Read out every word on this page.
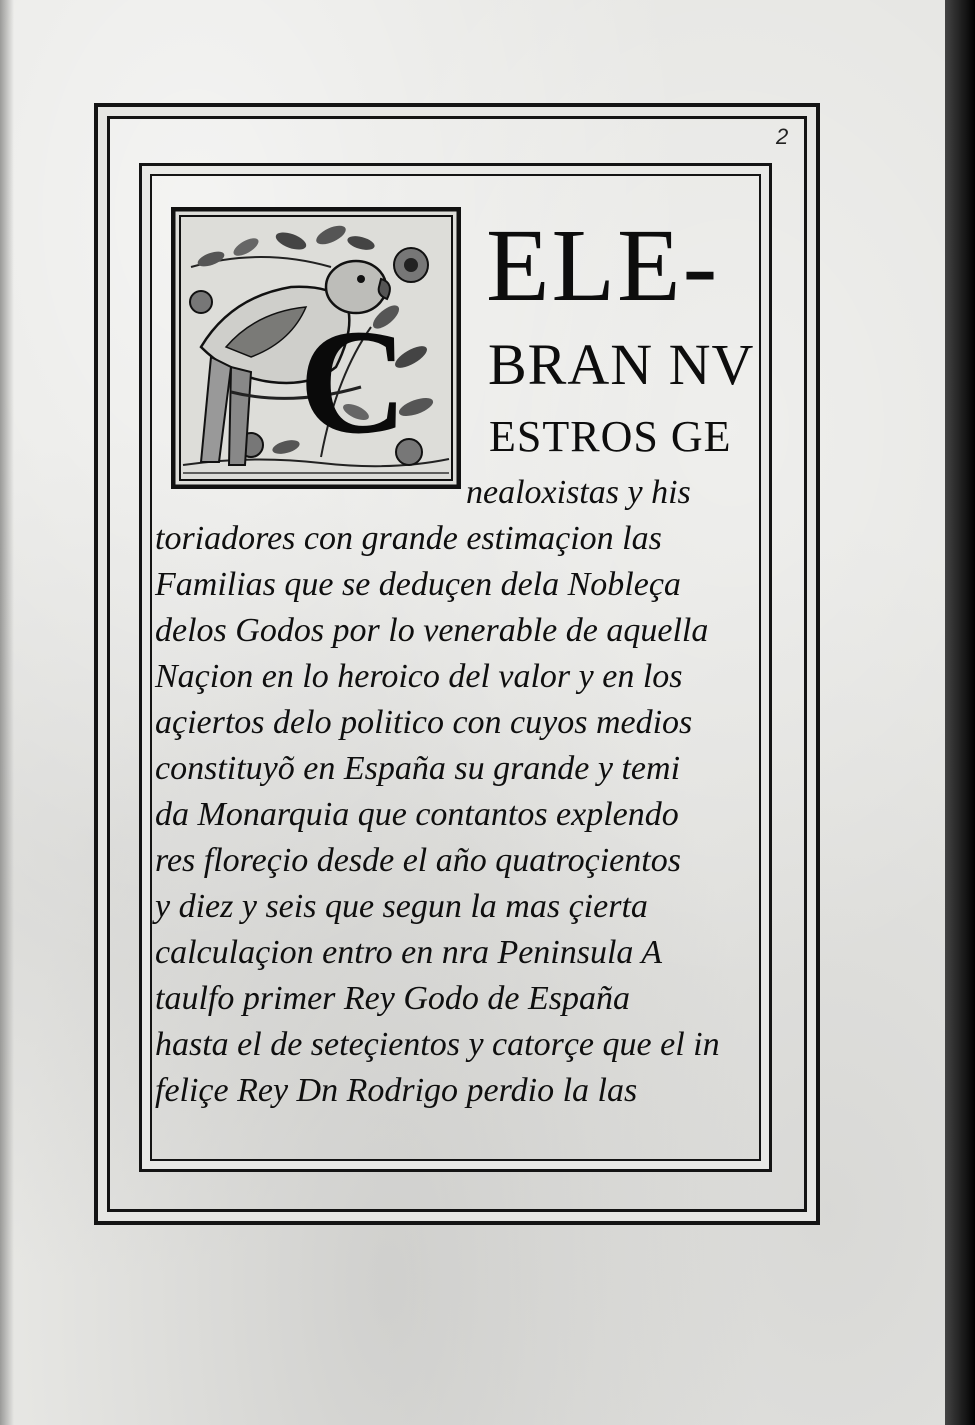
2
C
ELE-
BRAN NV
ESTROS GE
nealoxistas y his
toriadores con grande estimaçion las
Familias que se deduçen dela Nobleça
delos Godos por lo venerable de aquella
Naçion en lo heroico del valor y en los
açiertos delo politico con cuyos medios
constituyõ en España su grande y temi
da Monarquia que contantos explendo
res floreçio desde el año quatroçientos
y diez y seis que segun la mas çierta
calculaçion entro en nra Peninsula A
taulfo primer Rey Godo de España
hasta el de seteçientos y catorçe que el in
feliçe Rey Dn Rodrigo perdio la las
